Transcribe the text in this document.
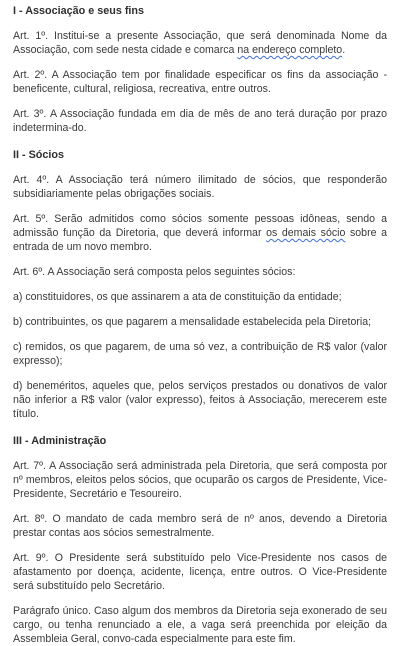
I - Associação e seus fins

Art. 1º. Institui-se a presente Associação, que será denominada Nome da Associação, com sede nesta cidade e comarca na endereço completo.

Art. 2º. A Associação tem por finalidade especificar os fins da associação - beneficente, cultural, religiosa, recreativa, entre outros.

Art. 3º. A Associação fundada em dia de mês de ano terá duração por prazo indetermina-do.

II - Sócios

Art. 4º. A Associação terá número ilimitado de sócios, que responderão subsidiariamente pelas obrigações sociais.

Art. 5º. Serão admitidos como sócios somente pessoas idôneas, sendo a admissão função da Diretoria, que deverá informar os demais sócio sobre a entrada de um novo membro.

Art. 6º. A Associação será composta pelos seguintes sócios:

a) constituidores, os que assinarem a ata de constituição da entidade;

b) contribuintes, os que pagarem a mensalidade estabelecida pela Diretoria;

c) remidos, os que pagarem, de uma só vez, a contribuição de R$ valor (valor expresso);

d) beneméritos, aqueles que, pelos serviços prestados ou donativos de valor não inferior a R$ valor (valor expresso), feitos à Associação, merecerem este título.

III - Administração

Art. 7º. A Associação será administrada pela Diretoria, que será composta por nº membros, eleitos pelos sócios, que ocuparão os cargos de Presidente, Vice-Presidente, Secretário e Tesoureiro.

Art. 8º. O mandato de cada membro será de nº anos, devendo a Diretoria prestar contas aos sócios semestralmente.

Art. 9º. O Presidente será substituído pelo Vice-Presidente nos casos de afastamento por doença, acidente, licença, entre outros. O Vice-Presidente será substituído pelo Secretário.

Parágrafo único. Caso algum dos membros da Diretoria seja exonerado de seu cargo, ou tenha renunciado a ele, a vaga será preenchida por eleição da Assembleia Geral, convo-cada especialmente para este fim.
